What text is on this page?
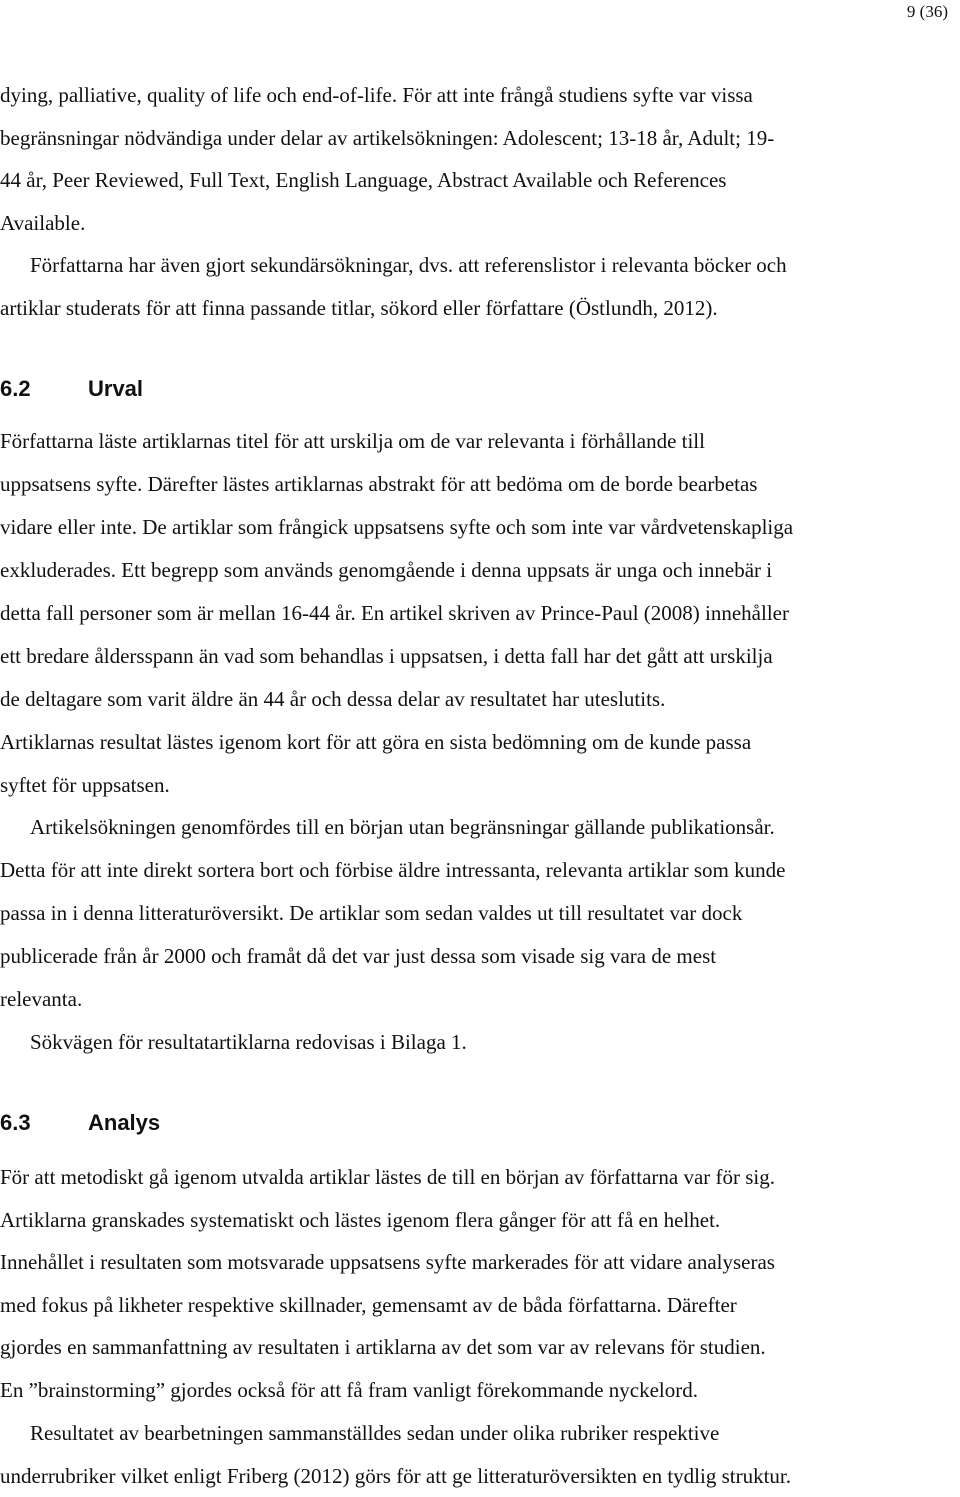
9 (36)

dying, palliative, quality of life och end-of-life. För att inte frångå studiens syfte var vissa
begränsningar nödvändiga under delar av artikelsökningen: Adolescent; 13-18 år, Adult; 19-
44 år, Peer Reviewed, Full Text, English Language, Abstract Available och References
Available.

Författarna har även gjort sekundärsökningar, dvs. att referenslistor i relevanta böcker och
artiklar studerats för att finna passande titlar, sökord eller författare (Östlundh, 2012).

6.2	Urval

Författarna läste artiklarnas titel för att urskilja om de var relevanta i förhållande till
uppsatsens syfte. Därefter lästes artiklarnas abstrakt för att bedöma om de borde bearbetas
vidare eller inte. De artiklar som frångick uppsatsens syfte och som inte var vårdvetenskapliga
exkluderades. Ett begrepp som används genomgående i denna uppsats är unga och innebär i
detta fall personer som är mellan 16-44 år. En artikel skriven av Prince-Paul (2008) innehåller
ett bredare åldersspann än vad som behandlas i uppsatsen, i detta fall har det gått att urskilja
de deltagare som varit äldre än 44 år och dessa delar av resultatet har uteslutits.
Artiklarnas resultat lästes igenom kort för att göra en sista bedömning om de kunde passa
syftet för uppsatsen.

Artikelsökningen genomfördes till en början utan begränsningar gällande publikationsår.
Detta för att inte direkt sortera bort och förbise äldre intressanta, relevanta artiklar som kunde
passa in i denna litteraturöversikt. De artiklar som sedan valdes ut till resultatet var dock
publicerade från år 2000 och framåt då det var just dessa som visade sig vara de mest
relevanta.

Sökvägen för resultatartiklarna redovisas i Bilaga 1.

6.3	Analys

För att metodiskt gå igenom utvalda artiklar lästes de till en början av författarna var för sig.
Artiklarna granskades systematiskt och lästes igenom flera gånger för att få en helhet.
Innehållet i resultaten som motsvarade uppsatsens syfte markerades för att vidare analyseras
med fokus på likheter respektive skillnader, gemensamt av de båda författarna. Därefter
gjordes en sammanfattning av resultaten i artiklarna av det som var av relevans för studien.
En ”brainstorming” gjordes också för att få fram vanligt förekommande nyckelord.

Resultatet av bearbetningen sammanställdes sedan under olika rubriker respektive
underrubriker vilket enligt Friberg (2012) görs för att ge litteraturöversikten en tydlig struktur.
